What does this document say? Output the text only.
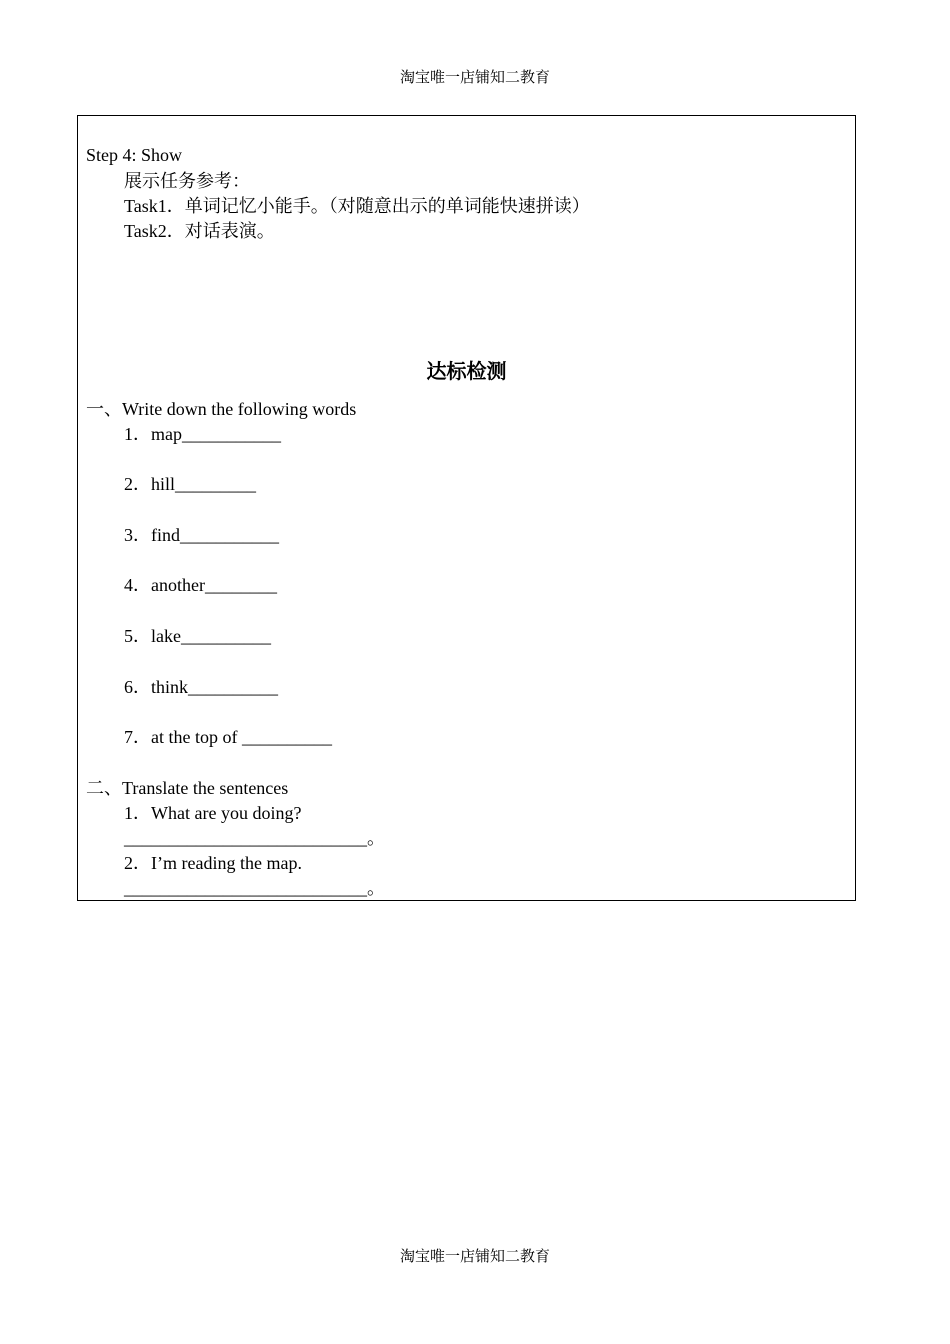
淘宝唯一店铺知二教育
Step 4: Show
展示任务参考：
Task1．单词记忆小能手。（对随意出示的单词能快速拼读）
Task2．对话表演。
达标检测
一、Write down the following words
1．map___________
2．hill_________
3．find___________
4．another________
5．lake__________
6．think__________
7．at the top of __________
二、Translate the sentences
1．What are you doing?
___________________________。
2．I’m reading the map.
___________________________。
淘宝唯一店铺知二教育
